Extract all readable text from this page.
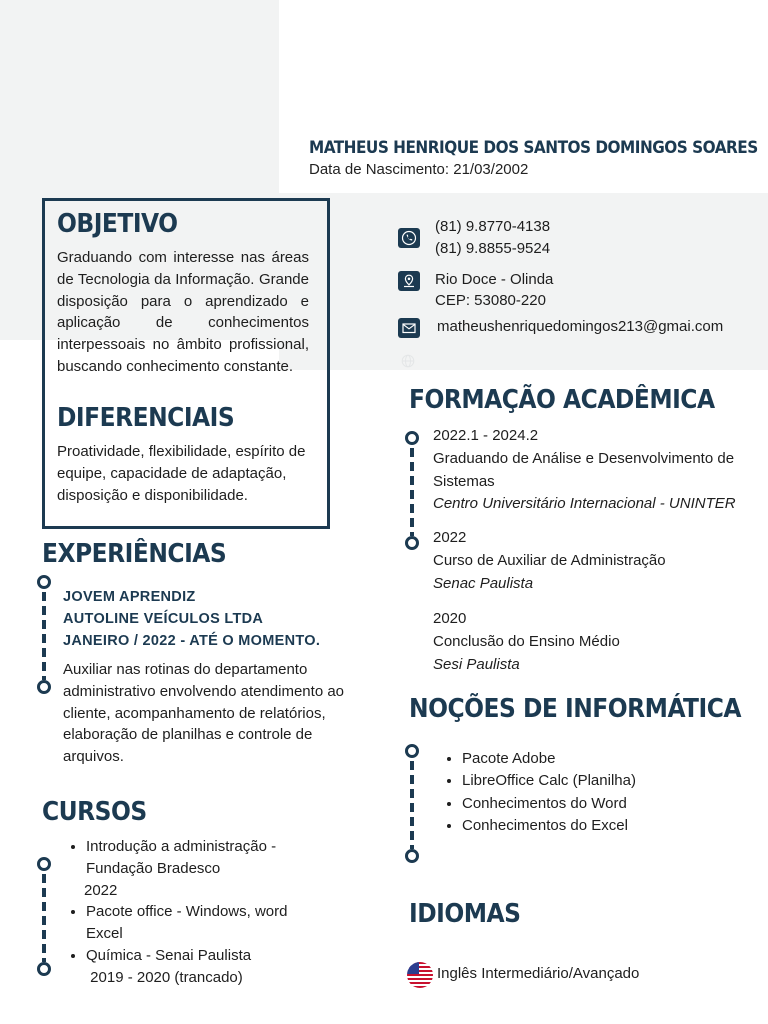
MATHEUS HENRIQUE DOS SANTOS DOMINGOS SOARES
Data de Nascimento: 21/03/2002
OBJETIVO
Graduando com interesse nas áreas de Tecnologia da Informação. Grande disposição para o aprendizado e aplicação de conhecimentos interpessoais no âmbito profissional, buscando conhecimento constante.
DIFERENCIAIS
Proatividade, flexibilidade, espírito de equipe, capacidade de adaptação, disposição e disponibilidade.
(81) 9.8770-4138
(81) 9.8855-9524
Rio Doce - Olinda
CEP: 53080-220
matheushenriquedomingos213@gmai.com
EXPERIÊNCIAS
JOVEM APRENDIZ
AUTOLINE VEÍCULOS LTDA
JANEIRO / 2022 - ATÉ O MOMENTO.
Auxiliar nas rotinas do departamento administrativo envolvendo atendimento ao cliente, acompanhamento de relatórios, elaboração de planilhas e controle de arquivos.
CURSOS
• Introdução a administração -
Fundação Bradesco
2022
• Pacote office - Windows, word
Excel
• Química - Senai Paulista
2019 - 2020 (trancado)
FORMAÇÃO ACADÊMICA
2022.1 - 2024.2
Graduando de Análise e Desenvolvimento de
Sistemas
Centro Universitário Internacional - UNINTER
2022
Curso de Auxiliar de Administração
Senac Paulista
2020
Conclusão do Ensino Médio
Sesi Paulista
NOÇÕES DE INFORMÁTICA
• Pacote Adobe
• LibreOffice Calc (Planilha)
• Conhecimentos do Word
• Conhecimentos do Excel
IDIOMAS
Inglês Intermediário/Avançado
